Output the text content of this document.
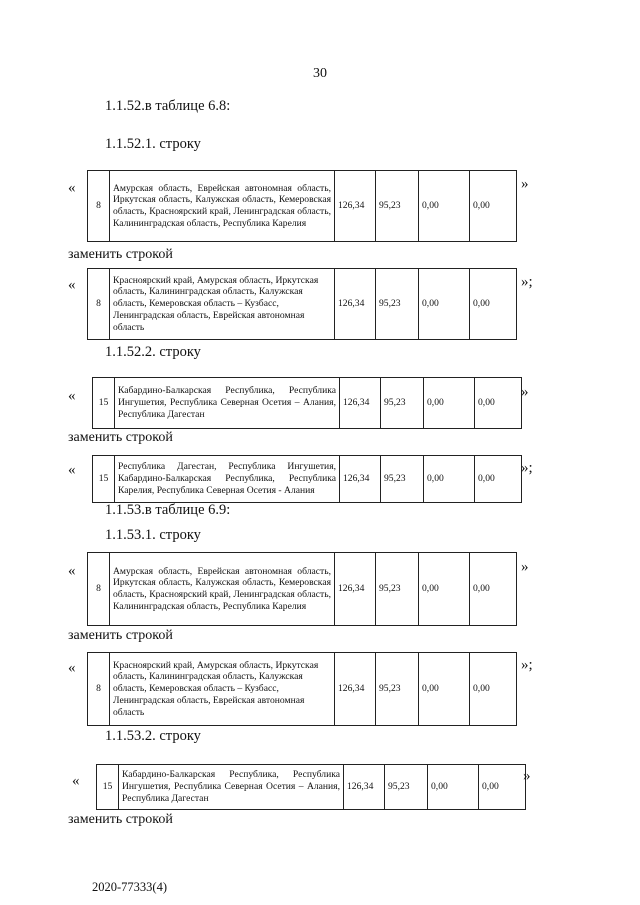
30
1.1.52.в таблице 6.8:
1.1.52.1. строку
«
8	Амурская область, Еврейская автономная область, Иркутская область, Калужская область, Кемеровская область, Красноярский край, Ленинградская область, Калининградская область, Республика Карелия	126,34	95,23	0,00	0,00
»
заменить строкой
«
8	Красноярский край, Амурская область, Иркутская область, Калининградская область, Калужская область, Кемеровская область – Кузбасс, Ленинградская область, Еврейская автономная область	126,34	95,23	0,00	0,00
»;
1.1.52.2. строку
« 15	Кабардино-Балкарская Республика, Республика Ингушетия, Республика Северная Осетия – Алания, Республика Дагестан	126,34	95,23	0,00	0,00
»
заменить строкой
«
15	Республика Дагестан, Республика Ингушетия, Кабардино-Балкарская Республика, Республика Карелия, Республика Северная Осетия - Алания	126,34	95,23	0,00	0,00
»;
1.1.53.в таблице 6.9:
1.1.53.1. строку
«
8	Амурская область, Еврейская автономная область, Иркутская область, Калужская область, Кемеровская область, Красноярский край, Ленинградская область, Калининградская область, Республика Карелия	126,34	95,23	0,00	0,00
»
заменить строкой
«
8	Красноярский край, Амурская область, Иркутская область, Калининградская область, Калужская область, Кемеровская область – Кузбасс, Ленинградская область, Еврейская автономная область	126,34	95,23	0,00	0,00
»;
1.1.53.2. строку
« 15	Кабардино-Балкарская Республика, Республика Ингушетия, Республика Северная Осетия – Алания, Республика Дагестан	126,34	95,23	0,00	0,00
»
заменить строкой
2020-77333(4)
